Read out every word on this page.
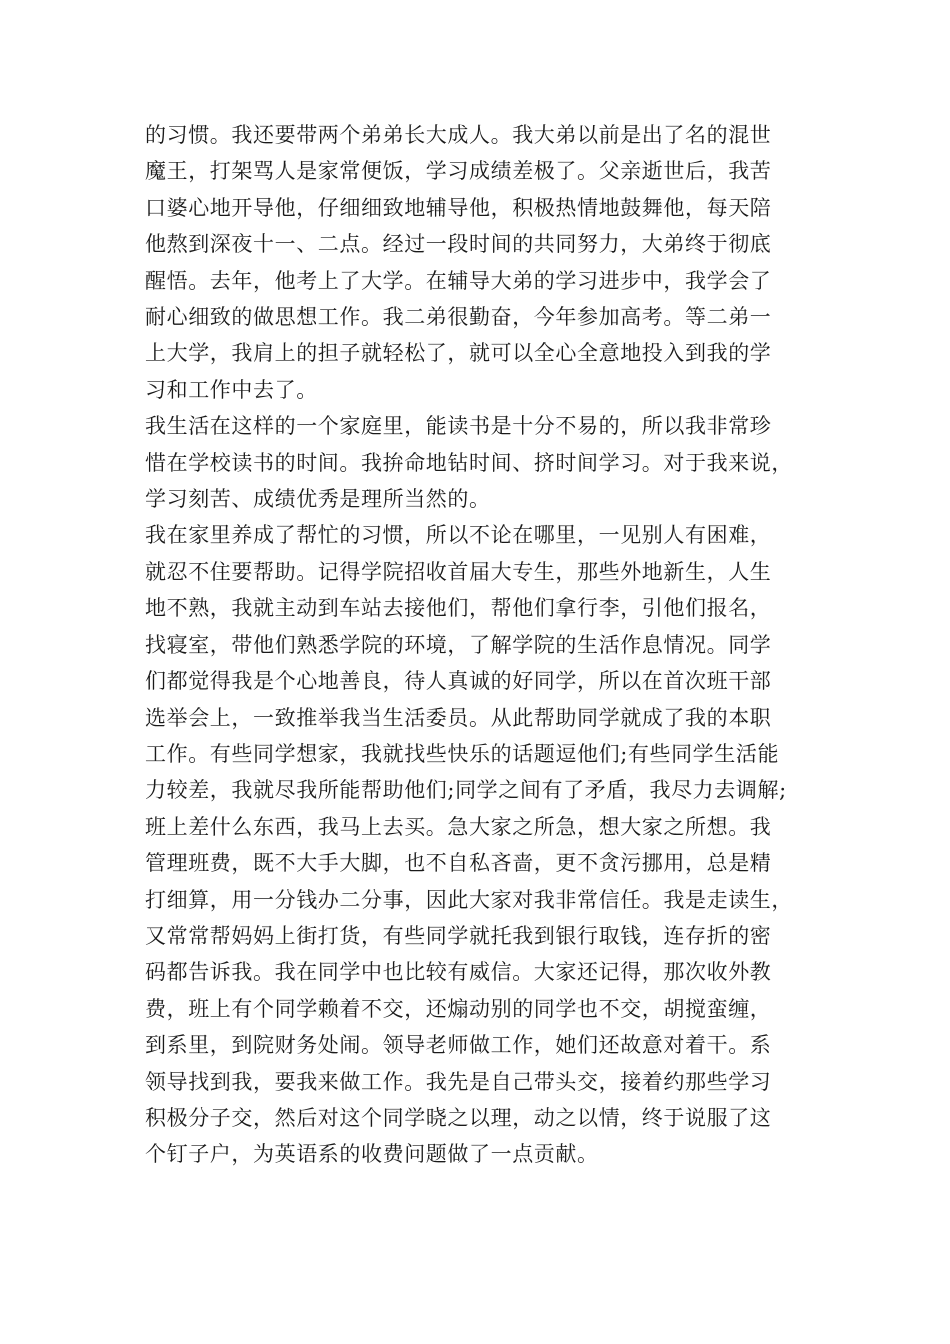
的习惯。我还要带两个弟弟长大成人。我大弟以前是出了名的混世
魔王，打架骂人是家常便饭，学习成绩差极了。父亲逝世后，我苦
口婆心地开导他，仔细细致地辅导他，积极热情地鼓舞他，每天陪
他熬到深夜十一、二点。经过一段时间的共同努力，大弟终于彻底
醒悟。去年，他考上了大学。在辅导大弟的学习进步中，我学会了
耐心细致的做思想工作。我二弟很勤奋，今年参加高考。等二弟一
上大学，我肩上的担子就轻松了，就可以全心全意地投入到我的学
习和工作中去了。

我生活在这样的一个家庭里，能读书是十分不易的，所以我非常珍
惜在学校读书的时间。我拚命地钻时间、挤时间学习。对于我来说，
学习刻苦、成绩优秀是理所当然的。

我在家里养成了帮忙的习惯，所以不论在哪里，一见别人有困难，
就忍不住要帮助。记得学院招收首届大专生，那些外地新生，人生
地不熟，我就主动到车站去接他们，帮他们拿行李，引他们报名，
找寝室，带他们熟悉学院的环境，了解学院的生活作息情况。同学
们都觉得我是个心地善良，待人真诚的好同学，所以在首次班干部
选举会上，一致推举我当生活委员。从此帮助同学就成了我的本职
工作。有些同学想家，我就找些快乐的话题逗他们;有些同学生活能
力较差，我就尽我所能帮助他们;同学之间有了矛盾，我尽力去调解;
班上差什么东西，我马上去买。急大家之所急，想大家之所想。我
管理班费，既不大手大脚，也不自私吝啬，更不贪污挪用，总是精
打细算，用一分钱办二分事，因此大家对我非常信任。我是走读生，
又常常帮妈妈上街打货，有些同学就托我到银行取钱，连存折的密
码都告诉我。我在同学中也比较有威信。大家还记得，那次收外教
费，班上有个同学赖着不交，还煽动别的同学也不交，胡搅蛮缠，
到系里，到院财务处闹。领导老师做工作，她们还故意对着干。系
领导找到我，要我来做工作。我先是自己带头交，接着约那些学习
积极分子交，然后对这个同学晓之以理，动之以情，终于说服了这
个钉子户，为英语系的收费问题做了一点贡献。
